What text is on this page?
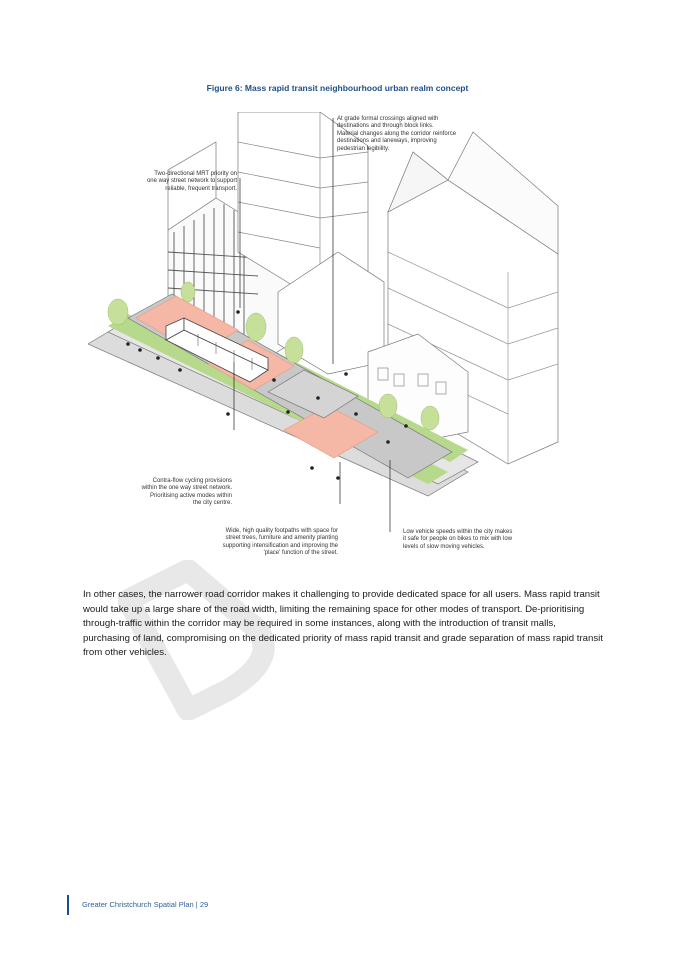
Figure 6: Mass rapid transit neighbourhood urban realm concept

At grade formal crossings aligned with

destinations and through block links.

Material changes along the corridor reinforce

destinations and laneways, improving

pedestrian legibility.

Two-directional MRT priority on

one way street network to support

reliable, frequent transport.

Contra-flow cycling provisions

within the one way street network.

Prioritising active modes within

the city centre.

Wide, high quality footpaths with space for

street trees, furniture and amenity planting

supporting intensification and improving the

'place' function of the street.

Low vehicle speeds within the city makes

it safe for people on bikes to mix with low

levels of slow moving vehicles.

In other cases, the narrower road corridor makes it challenging to provide dedicated space for all users. Mass rapid transit would take up a large share of the road width, limiting the remaining space for other modes of transport. De-prioritising through-traffic within the corridor may be required in some instances, along with the introduction of transit malls, purchasing of land, compromising on the dedicated priority of mass rapid transit and grade separation of mass rapid transit from other vehicles.
Greater Christchurch Spatial Plan | 29
